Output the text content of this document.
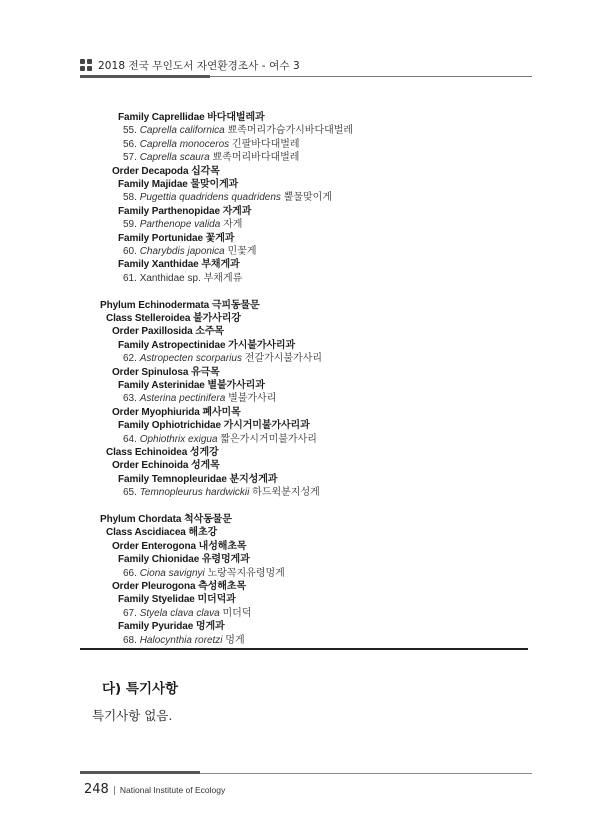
2018 전국 무인도서 자연환경조사 - 여수 3
Family Caprellidae 바다대벌레과
55. Caprella californica 뾰족머리가슴가시바다대벌레
56. Caprella monoceros 긴팔바다대벌레
57. Caprella scaura 뾰족머리바다대벌레
Order Decapoda 십각목
Family Majidae 물맞이게과
58. Pugettia quadridens quadridens 뿔물맞이게
Family Parthenopidae 자게과
59. Parthenope valida 자게
Family Portunidae 꽃게과
60. Charybdis japonica 민꽃게
Family Xanthidae 부채게과
61. Xanthidae sp. 부채게류
Phylum Echinodermata 극피동물문
Class Stelleroidea 불가사리강
Order Paxillosida 소주목
Family Astropectinidae 가시불가사리과
62. Astropecten scorparius 전갈가시불가사리
Order Spinulosa 유극목
Family Asterinidae 별불가사리과
63. Asterina pectinifera 별불가사리
Order Myophiurida 폐사미목
Family Ophiotrichidae 가시거미불가사리과
64. Ophiothrix exigua 짧은가시거미불가사리
Class Echinoidea 성게강
Order Echinoida 성게목
Family Temnopleuridae 분지성게과
65. Temnopleurus hardwickii 하드윅분지성게
Phylum Chordata 척삭동물문
Class Ascidiacea 해초강
Order Enterogona 내성해초목
Family Chionidae 유령멍게과
66. Ciona savignyi 노랑꼭지유령멍게
Order Pleurogona 측성해초목
Family Styelidae 미더덕과
67. Styela clava clava 미더덕
Family Pyuridae 멍게과
68. Halocynthia roretzi 멍게
다) 특기사항
특기사항 없음.
248 | National Institute of Ecology
